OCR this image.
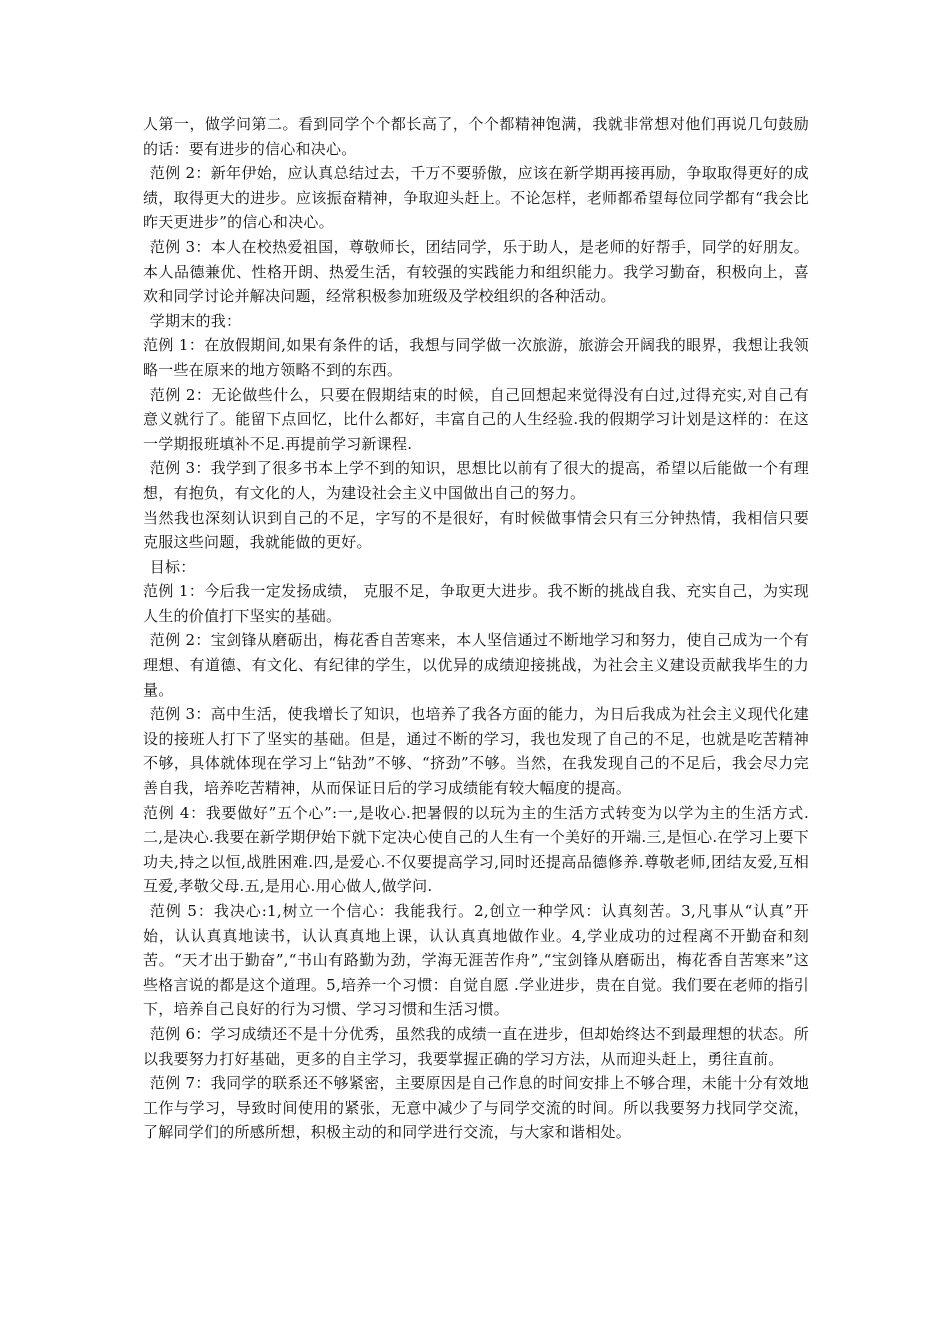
人第一，做学问第二。看到同学个个都长高了，个个都精神饱满，我就非常想对他们再说几句鼓励的话：要有进步的信心和决心。

范例 2：新年伊始，应认真总结过去，千万不要骄傲，应该在新学期再接再励，争取取得更好的成绩，取得更大的进步。应该振奋精神，争取迎头赶上。不论怎样，老师都希望每位同学都有“我会比昨天更进步”的信心和决心。

范例 3：本人在校热爱祖国，尊敬师长，团结同学，乐于助人，是老师的好帮手，同学的好朋友。本人品德兼优、性格开朗、热爱生活，有较强的实践能力和组织能力。我学习勤奋，积极向上，喜欢和同学讨论并解决问题，经常积极参加班级及学校组织的各种活动。

学期末的我：

范例 1：在放假期间,如果有条件的话，我想与同学做一次旅游，旅游会开阔我的眼界，我想让我领略一些在原来的地方领略不到的东西。

范例 2：无论做些什么，只要在假期结束的时候，自己回想起来觉得没有白过,过得充实,对自己有意义就行了。能留下点回忆，比什么都好，丰富自己的人生经验.我的假期学习计划是这样的：在这一学期报班填补不足.再提前学习新课程.

范例 3：我学到了很多书本上学不到的知识，思想比以前有了很大的提高，希望以后能做一个有理想，有抱负，有文化的人，为建设社会主义中国做出自己的努力。

当然我也深刻认识到自己的不足，字写的不是很好，有时候做事情会只有三分钟热情，我相信只要克服这些问题，我就能做的更好。

目标：

范例 1：今后我一定发扬成绩， 克服不足，争取更大进步。我不断的挑战自我、充实自己，为实现人生的价值打下坚实的基础。

范例 2：宝剑锋从磨砺出，梅花香自苦寒来，本人坚信通过不断地学习和努力，使自己成为一个有理想、有道德、有文化、有纪律的学生，以优异的成绩迎接挑战，为社会主义建设贡献我毕生的力量。

范例 3：高中生活，使我增长了知识，也培养了我各方面的能力，为日后我成为社会主义现代化建设的接班人打下了坚实的基础。但是，通过不断的学习，我也发现了自己的不足，也就是吃苦精神不够，具体就体现在学习上“钻劲”不够、“挤劲”不够。当然，在我发现自己的不足后，我会尽力完善自我，培养吃苦精神，从而保证日后的学习成绩能有较大幅度的提高。

范例 4：我要做好”五个心”:一,是收心.把暑假的以玩为主的生活方式转变为以学为主的生活方式.二,是决心.我要在新学期伊始下就下定决心使自己的人生有一个美好的开端.三,是恒心.在学习上要下功夫,持之以恒,战胜困难.四,是爱心.不仅要提高学习,同时还提高品德修养.尊敬老师,团结友爱,互相互爱,孝敬父母.五,是用心.用心做人,做学问.

范例 5：我决心:1,树立一个信心：我能我行。2,创立一种学风：认真刻苦。3,凡事从“认真”开始，认认真真地读书，认认真真地上课，认认真真地做作业。4,学业成功的过程离不开勤奋和刻苦。“天才出于勤奋”,“书山有路勤为劲，学海无涯苦作舟”,“宝剑锋从磨砺出，梅花香自苦寒来”这些格言说的都是这个道理。5,培养一个习惯：自觉自愿 .学业进步，贵在自觉。我们要在老师的指引下，培养自己良好的行为习惯、学习习惯和生活习惯。

范例 6：学习成绩还不是十分优秀，虽然我的成绩一直在进步，但却始终达不到最理想的状态。所以我要努力打好基础，更多的自主学习，我要掌握正确的学习方法，从而迎头赶上，勇往直前。

范例 7：我同学的联系还不够紧密，主要原因是自己作息的时间安排上不够合理，未能十分有效地工作与学习，导致时间使用的紧张，无意中减少了与同学交流的时间。所以我要努力找同学交流，了解同学们的所感所想，积极主动的和同学进行交流，与大家和谐相处。
